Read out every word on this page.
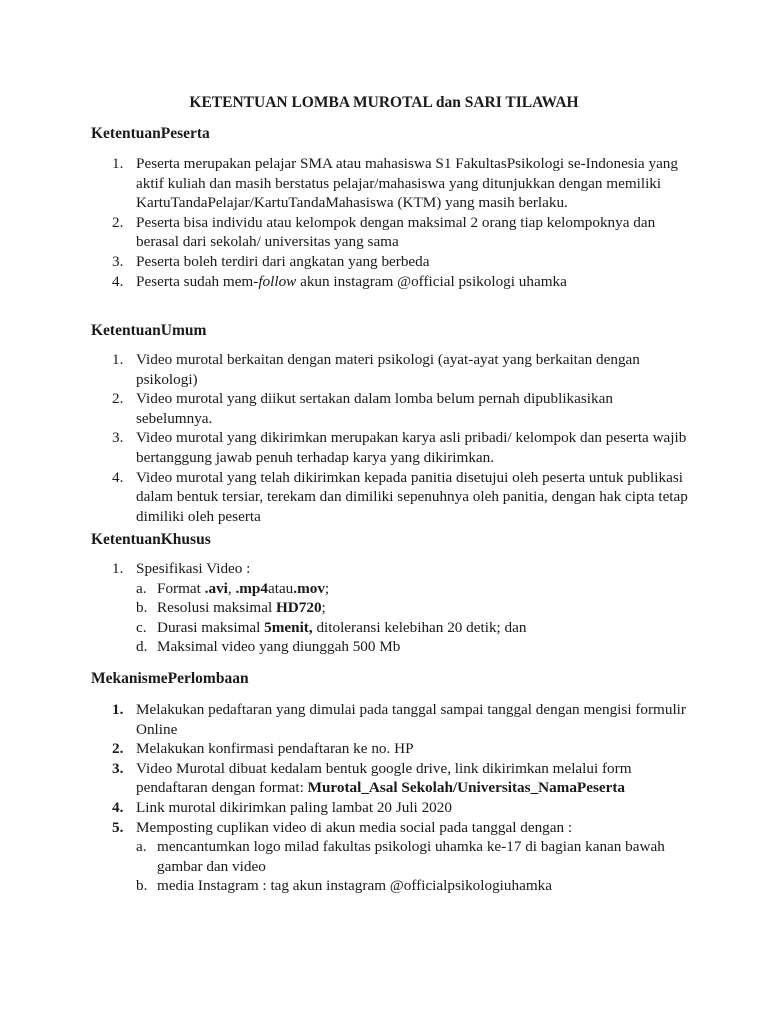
KETENTUAN LOMBA MUROTAL dan SARI TILAWAH
KetentuanPeserta
1. Peserta merupakan pelajar SMA atau mahasiswa S1 FakultasPsikologi se-Indonesia yang aktif kuliah dan masih berstatus pelajar/mahasiswa yang ditunjukkan dengan memiliki KartuTandaPelajar/KartuTandaMahasiswa (KTM) yang masih berlaku.
2. Peserta bisa individu atau kelompok dengan maksimal 2 orang tiap kelompoknya dan berasal dari sekolah/ universitas yang sama
3. Peserta boleh terdiri dari angkatan yang berbeda
4. Peserta sudah mem-follow akun instagram @official psikologi uhamka
KetentuanUmum
1. Video murotal berkaitan dengan materi psikologi (ayat-ayat yang berkaitan dengan psikologi)
2. Video murotal yang diikut sertakan dalam lomba belum pernah dipublikasikan sebelumnya.
3. Video murotal yang dikirimkan merupakan karya asli pribadi/ kelompok dan peserta wajib bertanggung jawab penuh terhadap karya yang dikirimkan.
4. Video murotal yang telah dikirimkan kepada panitia disetujui oleh peserta untuk publikasi dalam bentuk tersiar, terekam dan dimiliki sepenuhnya oleh panitia, dengan hak cipta tetap dimiliki oleh peserta
KetentuanKhusus
1. Spesifikasi Video :
a. Format .avi, .mp4atau.mov;
b. Resolusi maksimal HD720;
c. Durasi maksimal 5menit, ditoleransi kelebihan 20 detik; dan
d. Maksimal video yang diunggah 500 Mb
MekanismePerlombaan
1. Melakukan pedaftaran yang dimulai pada tanggal sampai tanggal dengan mengisi formulir Online
2. Melakukan konfirmasi pendaftaran ke no. HP
3. Video Murotal dibuat kedalam bentuk google drive, link dikirimkan melalui form pendaftaran dengan format: Murotal_Asal Sekolah/Universitas_NamaPeserta
4. Link murotal dikirimkan paling lambat 20 Juli 2020
5. Memposting cuplikan video di akun media social pada tanggal dengan :
a. mencantumkan logo milad fakultas psikologi uhamka ke-17 di bagian kanan bawah gambar dan video
b. media Instagram : tag akun instagram @officialpsikologiuhamka
